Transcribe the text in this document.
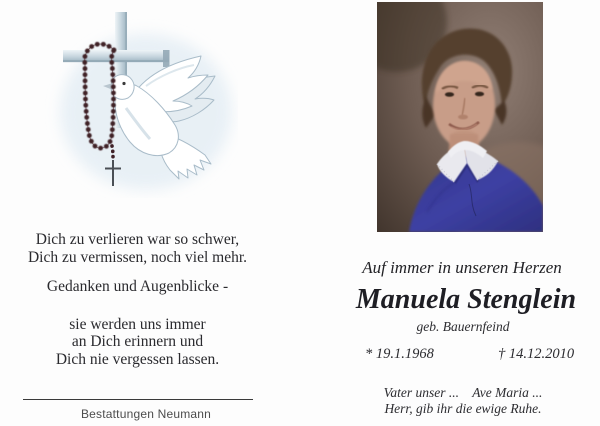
Dich zu verlieren war so schwer,
Dich zu vermissen, noch viel mehr.
Gedanken und Augenblicke -
sie werden uns immer
an Dich erinnern und
Dich nie vergessen lassen.
Bestattungen Neumann
Auf immer in unseren Herzen
Manuela Stenglein
geb. Bauernfeind
* 19.1.1968	† 14.12.2010
Vater unser ...    Ave Maria ...
Herr, gib ihr die ewige Ruhe.
